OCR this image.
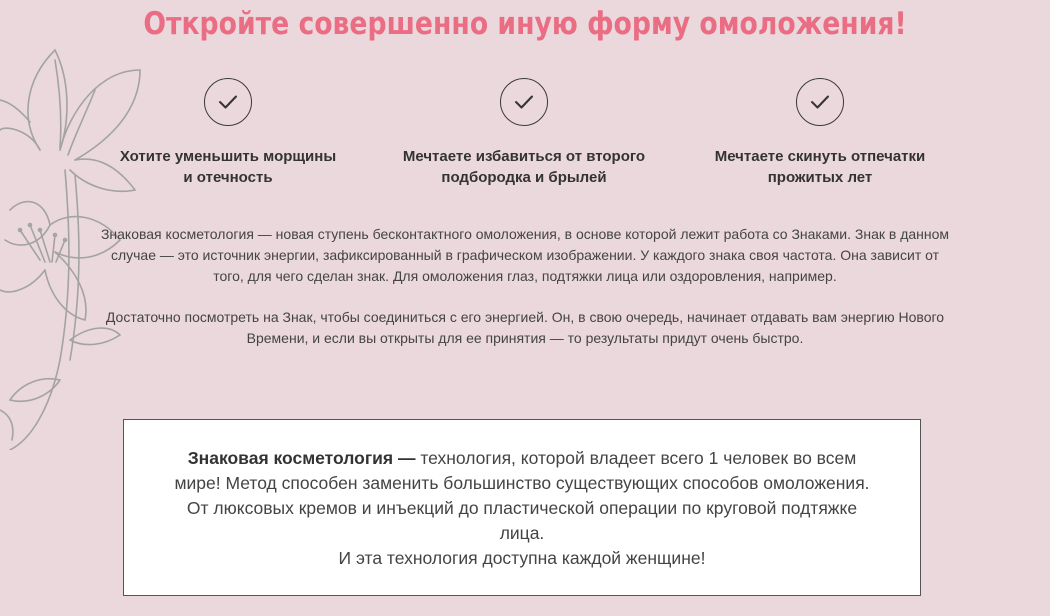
Откройте совершенно иную форму омоложения!
Хотите уменьшить морщины
и отечность
Мечтаете избавиться от второго
подбородка и брылей
Мечтаете скинуть отпечатки
прожитых лет

Знаковая косметология — новая ступень бесконтактного омоложения, в основе которой лежит работа со Знаками. Знак в данном случае — это источник энергии, зафиксированный в графическом изображении. У каждого знака своя частота. Она зависит от того, для чего сделан знак. Для омоложения глаз, подтяжки лица или оздоровления, например.

Достаточно посмотреть на Знак, чтобы соединиться с его энергией. Он, в свою очередь, начинает отдавать вам энергию Нового Времени, и если вы открыты для ее принятия — то результаты придут очень быстро.

Знаковая косметология — технология, которой владеет всего 1 человек во всем мире! Метод способен заменить большинство существующих способов омоложения. От люксовых кремов и инъекций до пластической операции по круговой подтяжке лица.
И эта технология доступна каждой женщине!
